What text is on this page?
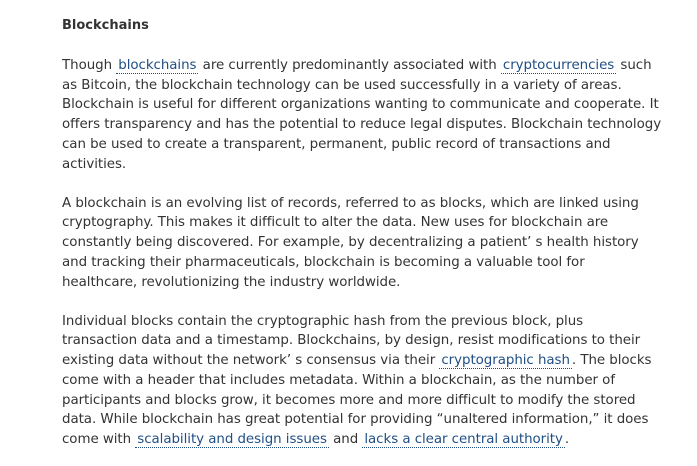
Blockchains

Though blockchains are currently predominantly associated with cryptocurrencies such as Bitcoin, the blockchain technology can be used successfully in a variety of areas. Blockchain is useful for different organizations wanting to communicate and cooperate. It offers transparency and has the potential to reduce legal disputes. Blockchain technology can be used to create a transparent, permanent, public record of transactions and activities.

A blockchain is an evolving list of records, referred to as blocks, which are linked using cryptography. This makes it difficult to alter the data. New uses for blockchain are constantly being discovered. For example, by decentralizing a patient’ s health history and tracking their pharmaceuticals, blockchain is becoming a valuable tool for healthcare, revolutionizing the industry worldwide.

Individual blocks contain the cryptographic hash from the previous block, plus transaction data and a timestamp. Blockchains, by design, resist modifications to their existing data without the network’ s consensus via their cryptographic hash . The blocks come with a header that includes metadata. Within a blockchain, as the number of participants and blocks grow, it becomes more and more difficult to modify the stored data. While blockchain has great potential for providing “unaltered information,” it does come with scalability and design issues and lacks a clear central authority .
